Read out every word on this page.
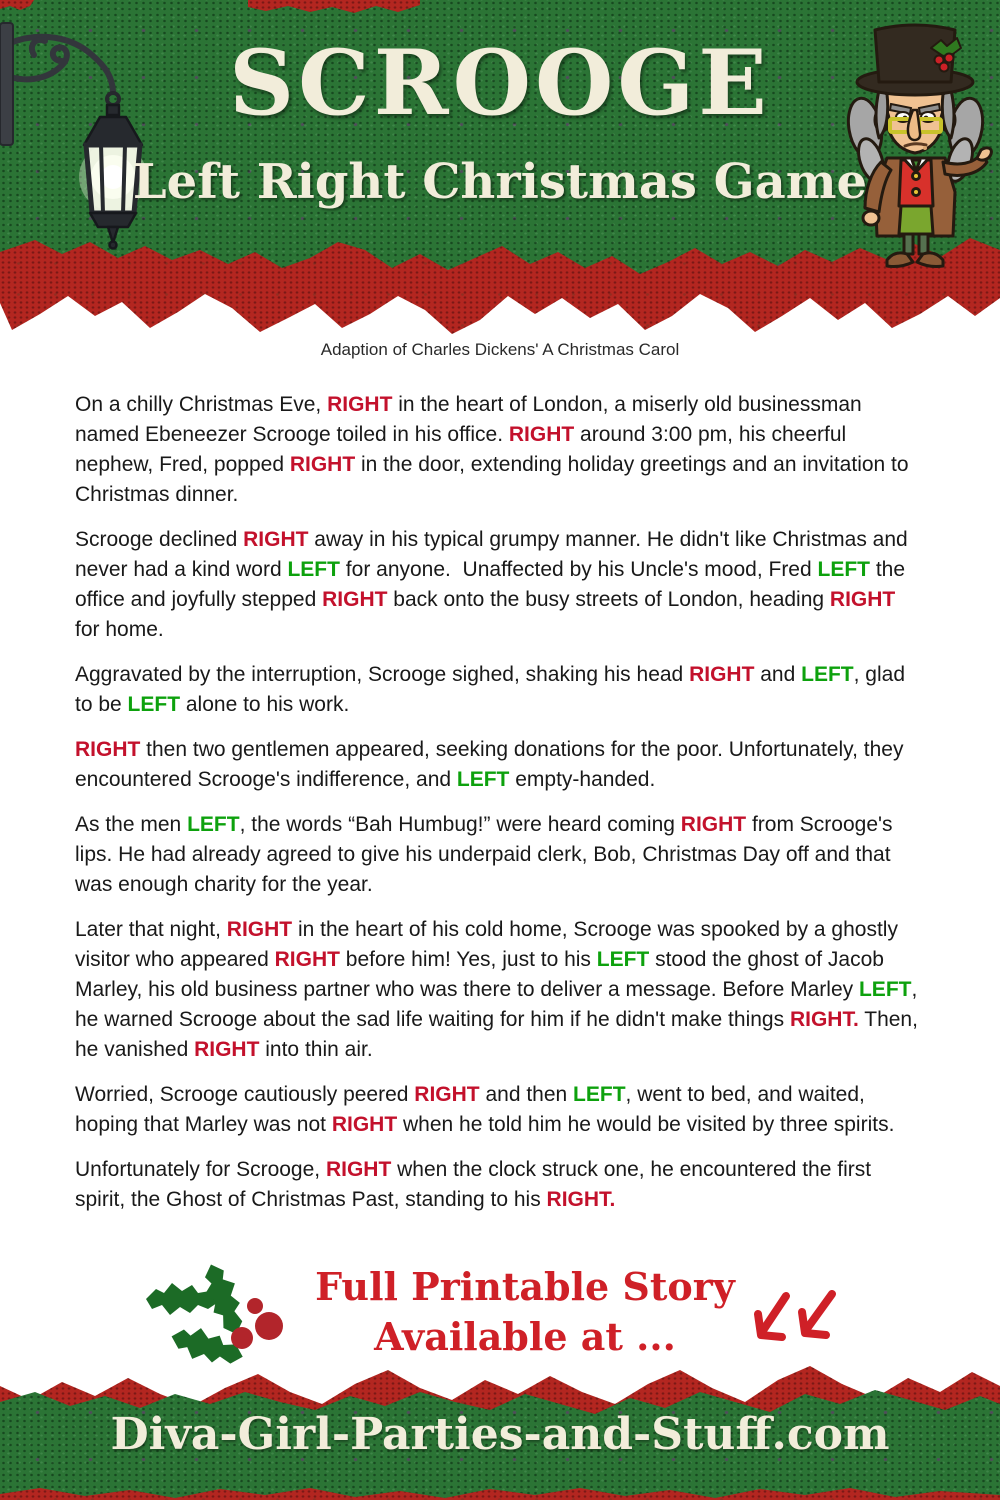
SCROOGE
Left Right Christmas Game
Adaption of Charles Dickens' A Christmas Carol

On a chilly Christmas Eve, RIGHT in the heart of London, a miserly old businessman named Ebeneezer Scrooge toiled in his office. RIGHT around 3:00 pm, his cheerful nephew, Fred, popped RIGHT in the door, extending holiday greetings and an invitation to Christmas dinner.

Scrooge declined RIGHT away in his typical grumpy manner. He didn't like Christmas and never had a kind word LEFT for anyone.  Unaffected by his Uncle's mood, Fred LEFT the office and joyfully stepped RIGHT back onto the busy streets of London, heading RIGHT for home.

Aggravated by the interruption, Scrooge sighed, shaking his head RIGHT and LEFT, glad to be LEFT alone to his work.

RIGHT then two gentlemen appeared, seeking donations for the poor. Unfortunately, they encountered Scrooge's indifference, and LEFT empty-handed.

As the men LEFT, the words “Bah Humbug!” were heard coming RIGHT from Scrooge's lips. He had already agreed to give his underpaid clerk, Bob, Christmas Day off and that was enough charity for the year.

Later that night, RIGHT in the heart of his cold home, Scrooge was spooked by a ghostly visitor who appeared RIGHT before him! Yes, just to his LEFT stood the ghost of Jacob Marley, his old business partner who was there to deliver a message. Before Marley LEFT, he warned Scrooge about the sad life waiting for him if he didn't make things RIGHT. Then, he vanished RIGHT into thin air.

Worried, Scrooge cautiously peered RIGHT and then LEFT, went to bed, and waited, hoping that Marley was not RIGHT when he told him he would be visited by three spirits.

Unfortunately for Scrooge, RIGHT when the clock struck one, he encountered the first spirit, the Ghost of Christmas Past, standing to his RIGHT.

Full Printable Story
Available at ...
Diva-Girl-Parties-and-Stuff.com
